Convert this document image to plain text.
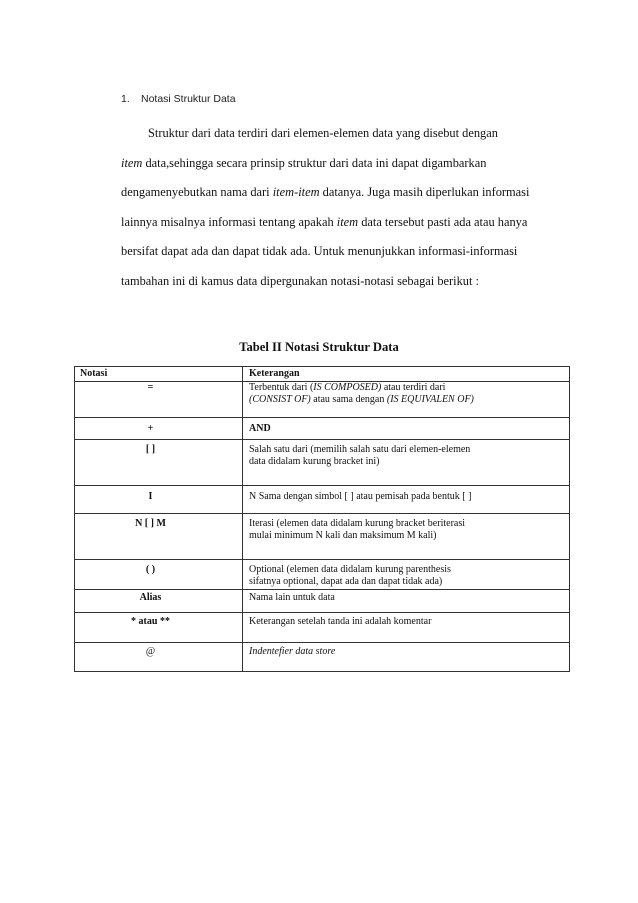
1. Notasi Struktur Data
Struktur dari data terdiri dari elemen-elemen data yang disebut dengan
item data,sehingga secara prinsip struktur dari data ini dapat digambarkan
dengamenyebutkan nama dari item-item datanya. Juga masih diperlukan informasi
lainnya misalnya informasi tentang apakah item data tersebut pasti ada atau hanya
bersifat dapat ada dan dapat tidak ada. Untuk menunjukkan informasi-informasi
tambahan ini di kamus data dipergunakan notasi-notasi sebagai berikut :
Tabel II Notasi Struktur Data
Notasi	Keterangan
=	Terbentuk dari (IS COMPOSED) atau terdiri dari
(CONSIST OF) atau sama dengan (IS EQUIVALEN OF)

+	AND
[ ]	Salah satu dari (memilih salah satu dari elemen-elemen
data didalam kurung bracket ini)

I	N Sama dengan simbol [ ] atau pemisah pada bentuk [ ]
N [ ] M	Iterasi (elemen data didalam kurung bracket beriterasi
mulai minimum N kali dan maksimum M kali)

( )	Optional (elemen data didalam kurung parenthesis
sifatnya optional, dapat ada dan dapat tidak ada)

Alias	Nama lain untuk data
* atau **	Keterangan setelah tanda ini adalah komentar
@	Indentefier data store
